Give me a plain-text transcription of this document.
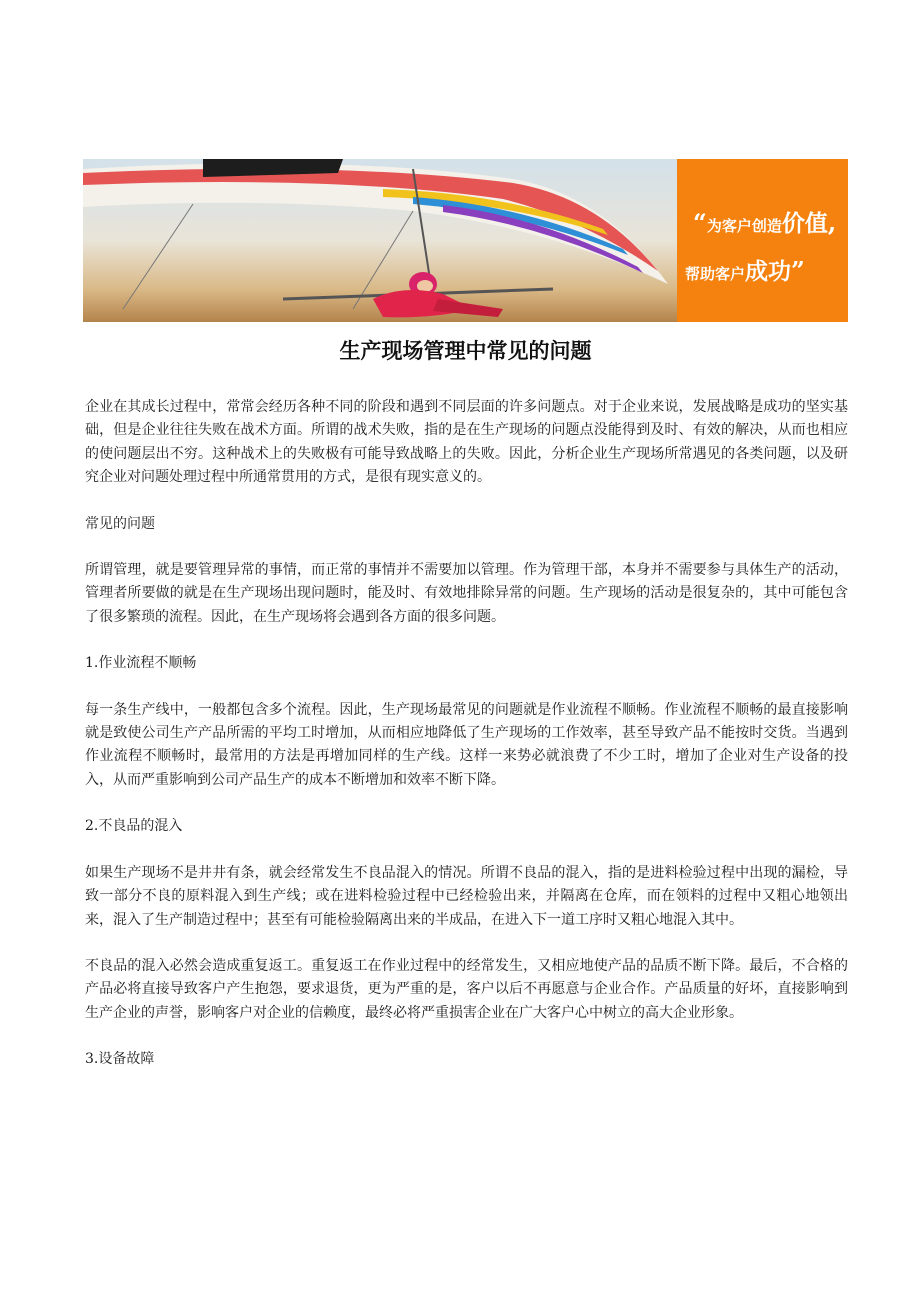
“为客户创造价值,
帮助客户成功”
生产现场管理中常见的问题

企业在其成长过程中，常常会经历各种不同的阶段和遇到不同层面的许多问题点。对于企业来说，发展战略是成功的坚实基础，但是企业往往失败在战术方面。所谓的战术失败，指的是在生产现场的问题点没能得到及时、有效的解决，从而也相应的使问题层出不穷。这种战术上的失败极有可能导致战略上的失败。因此，分析企业生产现场所常遇见的各类问题，以及研究企业对问题处理过程中所通常贯用的方式，是很有现实意义的。

常见的问题

所谓管理，就是要管理异常的事情，而正常的事情并不需要加以管理。作为管理干部，本身并不需要参与具体生产的活动，管理者所要做的就是在生产现场出现问题时，能及时、有效地排除异常的问题。生产现场的活动是很复杂的，其中可能包含了很多繁琐的流程。因此，在生产现场将会遇到各方面的很多问题。

1.作业流程不顺畅

每一条生产线中，一般都包含多个流程。因此，生产现场最常见的问题就是作业流程不顺畅。作业流程不顺畅的最直接影响就是致使公司生产产品所需的平均工时增加，从而相应地降低了生产现场的工作效率，甚至导致产品不能按时交货。当遇到作业流程不顺畅时，最常用的方法是再增加同样的生产线。这样一来势必就浪费了不少工时，增加了企业对生产设备的投入，从而严重影响到公司产品生产的成本不断增加和效率不断下降。

2.不良品的混入

如果生产现场不是井井有条，就会经常发生不良品混入的情况。所谓不良品的混入，指的是进料检验过程中出现的漏检，导致一部分不良的原料混入到生产线；或在进料检验过程中已经检验出来，并隔离在仓库，而在领料的过程中又粗心地领出来，混入了生产制造过程中；甚至有可能检验隔离出来的半成品，在进入下一道工序时又粗心地混入其中。

不良品的混入必然会造成重复返工。重复返工在作业过程中的经常发生，又相应地使产品的品质不断下降。最后，不合格的产品必将直接导致客户产生抱怨，要求退货，更为严重的是，客户以后不再愿意与企业合作。产品质量的好坏，直接影响到生产企业的声誉，影响客户对企业的信赖度，最终必将严重损害企业在广大客户心中树立的高大企业形象。

3.设备故障
